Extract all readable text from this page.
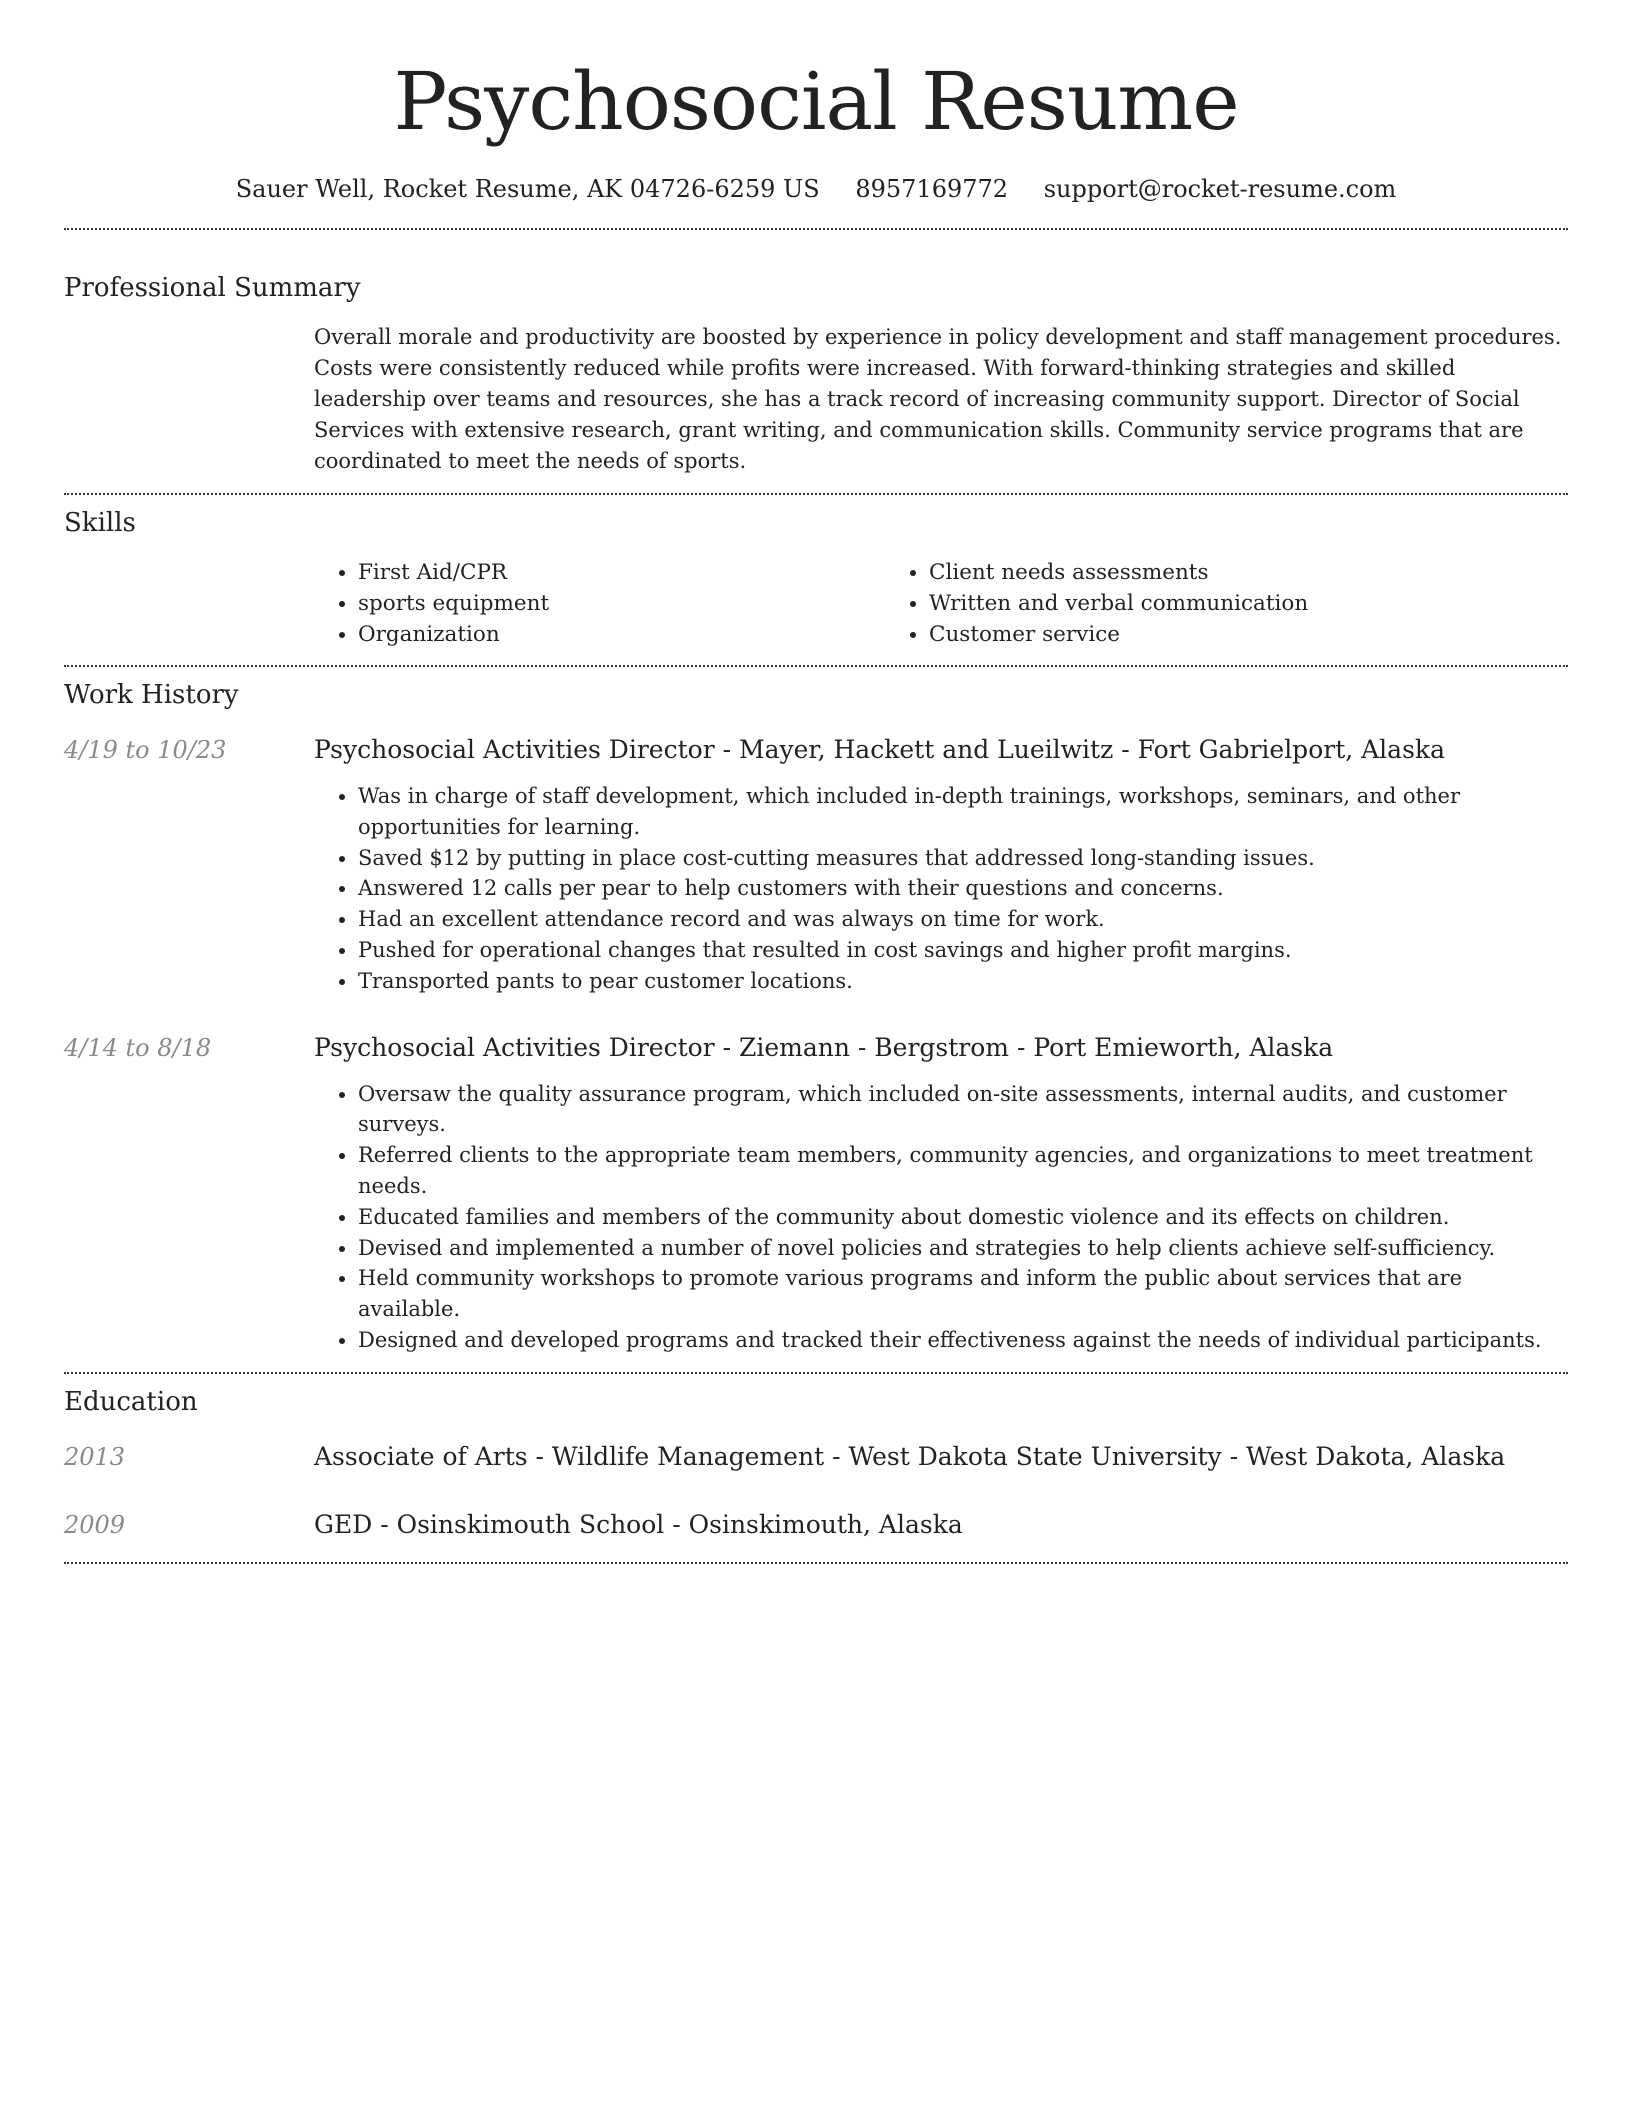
Psychosocial Resume
Sauer Well, Rocket Resume, AK 04726-6259 US 8957169772 support@rocket-resume.com
Professional Summary

Overall morale and productivity are boosted by experience in policy development and staff management procedures. Costs were consistently reduced while profits were increased. With forward-thinking strategies and skilled leadership over teams and resources, she has a track record of increasing community support. Director of Social Services with extensive research, grant writing, and communication skills. Community service programs that are coordinated to meet the needs of sports.

Skills
• First Aid/CPR
• sports equipment
• Organization
• Client needs assessments
• Written and verbal communication
• Customer service
Work History
4/19 to 10/23	Psychosocial Activities Director - Mayer, Hackett and Lueilwitz - Fort Gabrielport, Alaska
• Was in charge of staff development, which included in-depth trainings, workshops, seminars, and other opportunities for learning.
• Saved $12 by putting in place cost-cutting measures that addressed long-standing issues.
• Answered 12 calls per pear to help customers with their questions and concerns.
• Had an excellent attendance record and was always on time for work.
• Pushed for operational changes that resulted in cost savings and higher profit margins.
• Transported pants to pear customer locations.
4/14 to 8/18	Psychosocial Activities Director - Ziemann - Bergstrom - Port Emieworth, Alaska
• Oversaw the quality assurance program, which included on-site assessments, internal audits, and customer surveys.
• Referred clients to the appropriate team members, community agencies, and organizations to meet treatment needs.
• Educated families and members of the community about domestic violence and its effects on children.
• Devised and implemented a number of novel policies and strategies to help clients achieve self-sufficiency.
• Held community workshops to promote various programs and inform the public about services that are available.
• Designed and developed programs and tracked their effectiveness against the needs of individual participants.
Education
2013	Associate of Arts - Wildlife Management - West Dakota State University - West Dakota, Alaska
2009	GED - Osinskimouth School - Osinskimouth, Alaska
